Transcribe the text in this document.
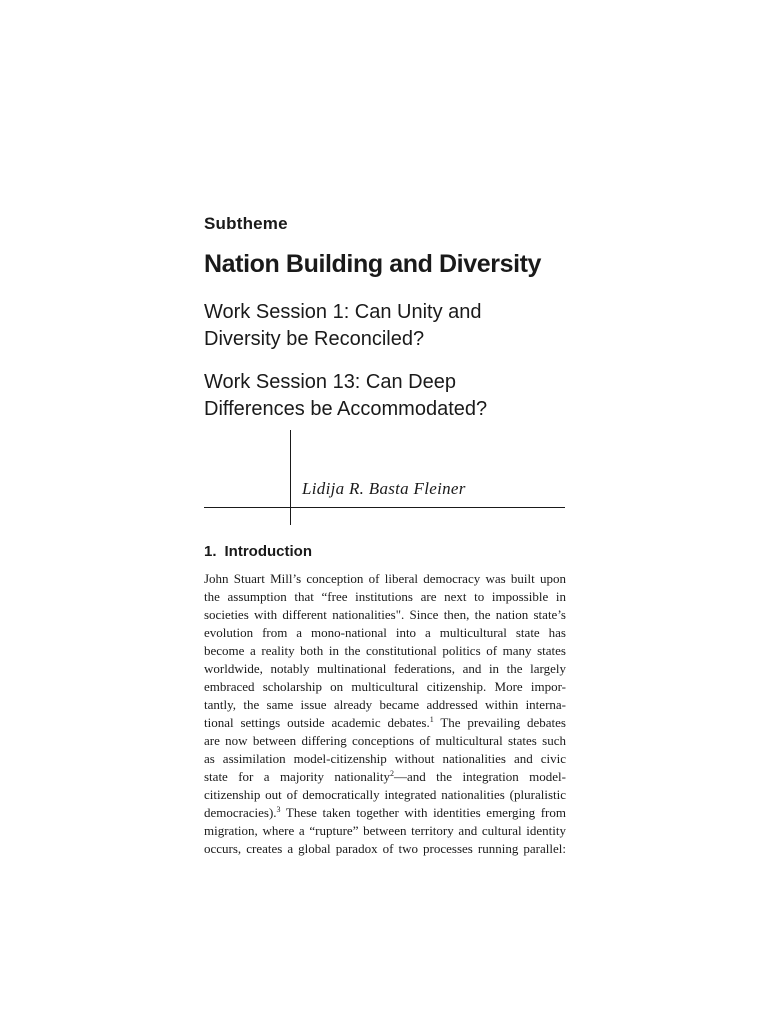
Subtheme
Nation Building and Diversity
Work Session 1: Can Unity and
Diversity be Reconciled?
Work Session 13: Can Deep
Differences be Accommodated?
Lidija R. Basta Fleiner
1. Introduction
John Stuart Mill’s conception of liberal democracy was built upon
the assumption that “free institutions are next to impossible in
societies with different nationalities". Since then, the nation state’s
evolution from a mono-national into a multicultural state has
become a reality both in the constitutional politics of many states
worldwide, notably multinational federations, and in the largely
embraced scholarship on multicultural citizenship. More impor-
tantly, the same issue already became addressed within interna-
tional settings outside academic debates.$^1$ The prevailing debates
are now between differing conceptions of multicultural states such
as assimilation model-citizenship without nationalities and civic
state for a majority nationality$^2$—and the integration model-
citizenship out of democratically integrated nationalities (pluralistic
democracies).$^3$ These taken together with identities emerging from
migration, where a “rupture” between territory and cultural identity
occurs, creates a global paradox of two processes running parallel:
